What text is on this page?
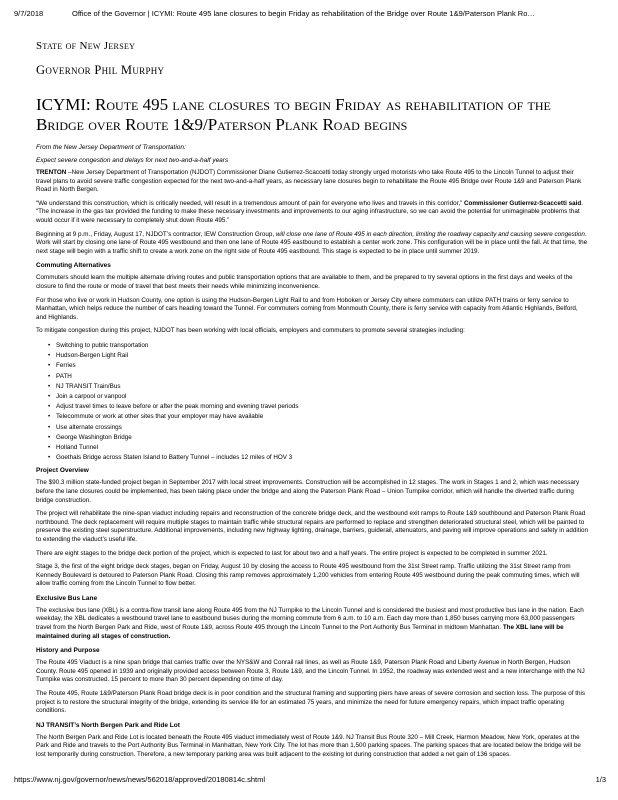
9/7/2018	Office of the Governor | ICYMI: Route 495 lane closures to begin Friday as rehabilitation of the Bridge over Route 1&9/Paterson Plank Ro…
State of New Jersey
Governor Phil Murphy
ICYMI: Route 495 lane closures to begin Friday as rehabilitation of the Bridge over Route 1&9/Paterson Plank Road begins
From the New Jersey Department of Transportation:
Expect severe congestion and delays for next two-and-a-half years

TRENTON –New Jersey Department of Transportation (NJDOT) Commissioner Diane Gutierrez-Scaccetti today strongly urged motorists who take Route 495 to the Lincoln Tunnel to adjust their travel plans to avoid severe traffic congestion expected for the next two-and-a-half years, as necessary lane closures begin to rehabilitate the Route 495 Bridge over Route 1&9 and Paterson Plank Road in North Bergen.

“We understand this construction, which is critically needed, will result in a tremendous amount of pain for everyone who lives and travels in this corridor,” Commissioner Gutierrez-Scaccetti said. “The increase in the gas tax provided the funding to make these necessary investments and improvements to our aging infrastructure, so we can avoid the potential for unimaginable problems that would occur if it were necessary to completely shut down Route 495.”

Beginning at 9 p.m., Friday, August 17, NJDOT’s contractor, IEW Construction Group, will close one lane of Route 495 in each direction, limiting the roadway capacity and causing severe congestion. Work will start by closing one lane of Route 495 westbound and then one lane of Route 495 eastbound to establish a center work zone. This configuration will be in place until the fall. At that time, the next stage will begin with a traffic shift to create a work zone on the right side of Route 495 eastbound. This stage is expected to be in place until summer 2019.

Commuting Alternatives

Commuters should learn the multiple alternate driving routes and public transportation options that are available to them, and be prepared to try several options in the first days and weeks of the closure to find the route or mode of travel that best meets their needs while minimizing inconvenience.

For those who live or work in Hudson County, one option is using the Hudson-Bergen Light Rail to and from Hoboken or Jersey City where commuters can utilize PATH trains or ferry service to Manhattan, which helps reduce the number of cars heading toward the Tunnel. For commuters coming from Monmouth County, there is ferry service with capacity from Atlantic Highlands, Belford, and Highlands.

To mitigate congestion during this project, NJDOT has been working with local officials, employers and commuters to promote several strategies including:

• Switching to public transportation
• Hudson-Bergen Light Rail
• Ferries
• PATH
• NJ TRANSIT Train/Bus
• Join a carpool or vanpool
• Adjust travel times to leave before or after the peak morning and evening travel periods
• Telecommute or work at other sites that your employer may have available
• Use alternate crossings
• George Washington Bridge
• Holland Tunnel
• Goethals Bridge across Staten Island to Battery Tunnel – includes 12 miles of HOV 3
Project Overview

The $90.3 million state-funded project began in September 2017 with local street improvements. Construction will be accomplished in 12 stages. The work in Stages 1 and 2, which was necessary before the lane closures could be implemented, has been taking place under the bridge and along the Paterson Plank Road – Union Turnpike corridor, which will handle the diverted traffic during bridge construction.

The project will rehabilitate the nine-span viaduct including repairs and reconstruction of the concrete bridge deck, and the westbound exit ramps to Route 1&9 southbound and Paterson Plank Road northbound. The deck replacement will require multiple stages to maintain traffic while structural repairs are performed to replace and strengthen deteriorated structural steel, which will be painted to preserve the existing steel superstructure. Additional improvements, including new highway lighting, drainage, barriers, guiderail, attenuators, and paving will improve operations and safety in addition to extending the viaduct’s useful life.

There are eight stages to the bridge deck portion of the project, which is expected to last for about two and a half years. The entire project is expected to be completed in summer 2021.

Stage 3, the first of the eight bridge deck stages, began on Friday, August 10 by closing the access to Route 495 westbound from the 31st Street ramp. Traffic utilizing the 31st Street ramp from Kennedy Boulevard is detoured to Paterson Plank Road. Closing this ramp removes approximately 1,200 vehicles from entering Route 495 westbound during the peak commuting times, which will allow traffic coming from the Lincoln Tunnel to flow better.

Exclusive Bus Lane

The exclusive bus lane (XBL) is a contra-flow transit lane along Route 495 from the NJ Turnpike to the Lincoln Tunnel and is considered the busiest and most productive bus lane in the nation. Each weekday, the XBL dedicates a westbound travel lane to eastbound buses during the morning commute from 6 a.m. to 10 a.m. Each day more than 1,850 buses carrying more 63,000 passengers travel from the North Bergen Park and Ride, west of Route 1&9, across Route 495 through the Lincoln Tunnel to the Port Authority Bus Terminal in midtown Manhattan. The XBL lane will be maintained during all stages of construction.

History and Purpose

The Route 495 Viaduct is a nine span bridge that carries traffic over the NYS&W and Conrail rail lines, as well as Route 1&9, Paterson Plank Road and Liberty Avenue in North Bergen, Hudson County. Route 495 opened in 1939 and originally provided access between Route 3, Route 1&9, and the Lincoln Tunnel. In 1952, the roadway was extended west and a new interchange with the NJ Turnpike was constructed. 15 percent to more than 30 percent depending on time of day.

The Route 495, Route 1&9/Paterson Plank Road bridge deck is in poor condition and the structural framing and supporting piers have areas of severe corrosion and section loss. The purpose of this project is to restore the structural integrity of the bridge, extending its service life for an estimated 75 years, and minimize the need for future emergency repairs, which impact traffic operating conditions.

NJ TRANSIT’s North Bergen Park and Ride Lot

The North Bergen Park and Ride Lot is located beneath the Route 495 viaduct immediately west of Route 1&9. NJ Transit Bus Route 320 – Mill Creek, Harmon Meadow, New York, operates at the Park and Ride and travels to the Port Authority Bus Terminal in Manhattan, New York City. The lot has more than 1,500 parking spaces. The parking spaces that are located below the bridge will be lost temporarily during construction. Therefore, a new temporary parking area was built adjacent to the existing lot during construction that added a net gain of 136 spaces.

https://www.nj.gov/governor/news/news/562018/approved/20180814c.shtml	1/3
